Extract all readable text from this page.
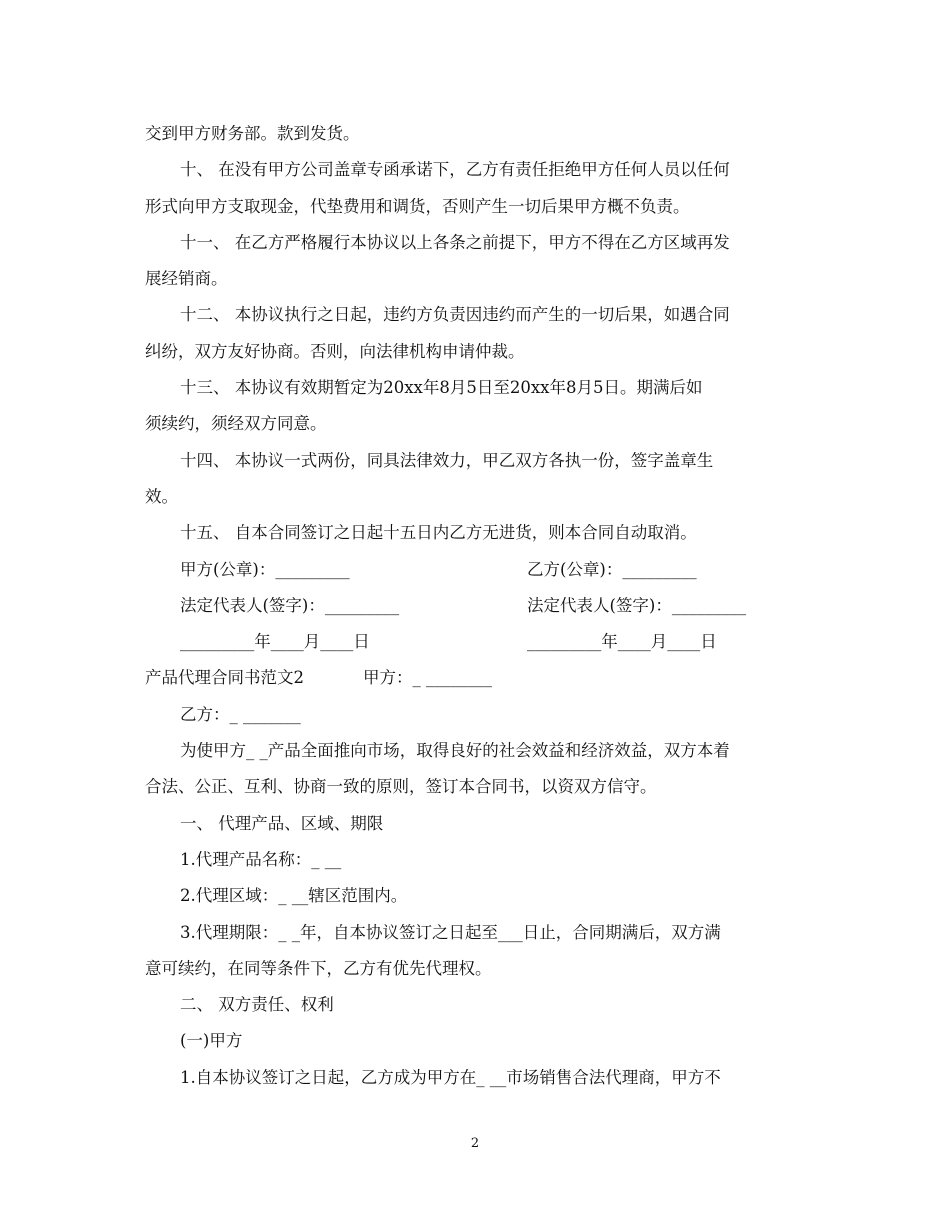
交到甲方财务部。款到发货。
十、 在没有甲方公司盖章专函承诺下，乙方有责任拒绝甲方任何人员以任何
形式向甲方支取现金，代垫费用和调货，否则产生一切后果甲方概不负责。
十一、 在乙方严格履行本协议以上各条之前提下，甲方不得在乙方区域再发
展经销商。
十二、 本协议执行之日起，违约方负责因违约而产生的一切后果，如遇合同
纠纷，双方友好协商。否则，向法律机构申请仲裁。
十三、 本协议有效期暂定为20xx年8月5日至20xx年8月5日。期满后如
须续约，须经双方同意。
十四、 本协议一式两份，同具法律效力，甲乙双方各执一份，签字盖章生
效。
十五、 自本合同签订之日起十五日内乙方无进货，则本合同自动取消。
甲方(公章)：_________	乙方(公章)：_________
法定代表人(签字)：_________	法定代表人(签字)：_________
_________年____月____日	_________年____月____日
产品代理合同书范文2	甲方：_ ________
乙方：_ _______
为使甲方_ _产品全面推向市场，取得良好的社会效益和经济效益，双方本着
合法、公正、互利、协商一致的原则，签订本合同书，以资双方信守。
一、 代理产品、区域、期限
1.代理产品名称：_ __
2.代理区域：_ __辖区范围内。
3.代理期限：_ _年，自本协议签订之日起至___日止，合同期满后，双方满
意可续约，在同等条件下，乙方有优先代理权。
二、 双方责任、权利
(一)甲方
1.自本协议签订之日起，乙方成为甲方在_ __市场销售合法代理商，甲方不
2
